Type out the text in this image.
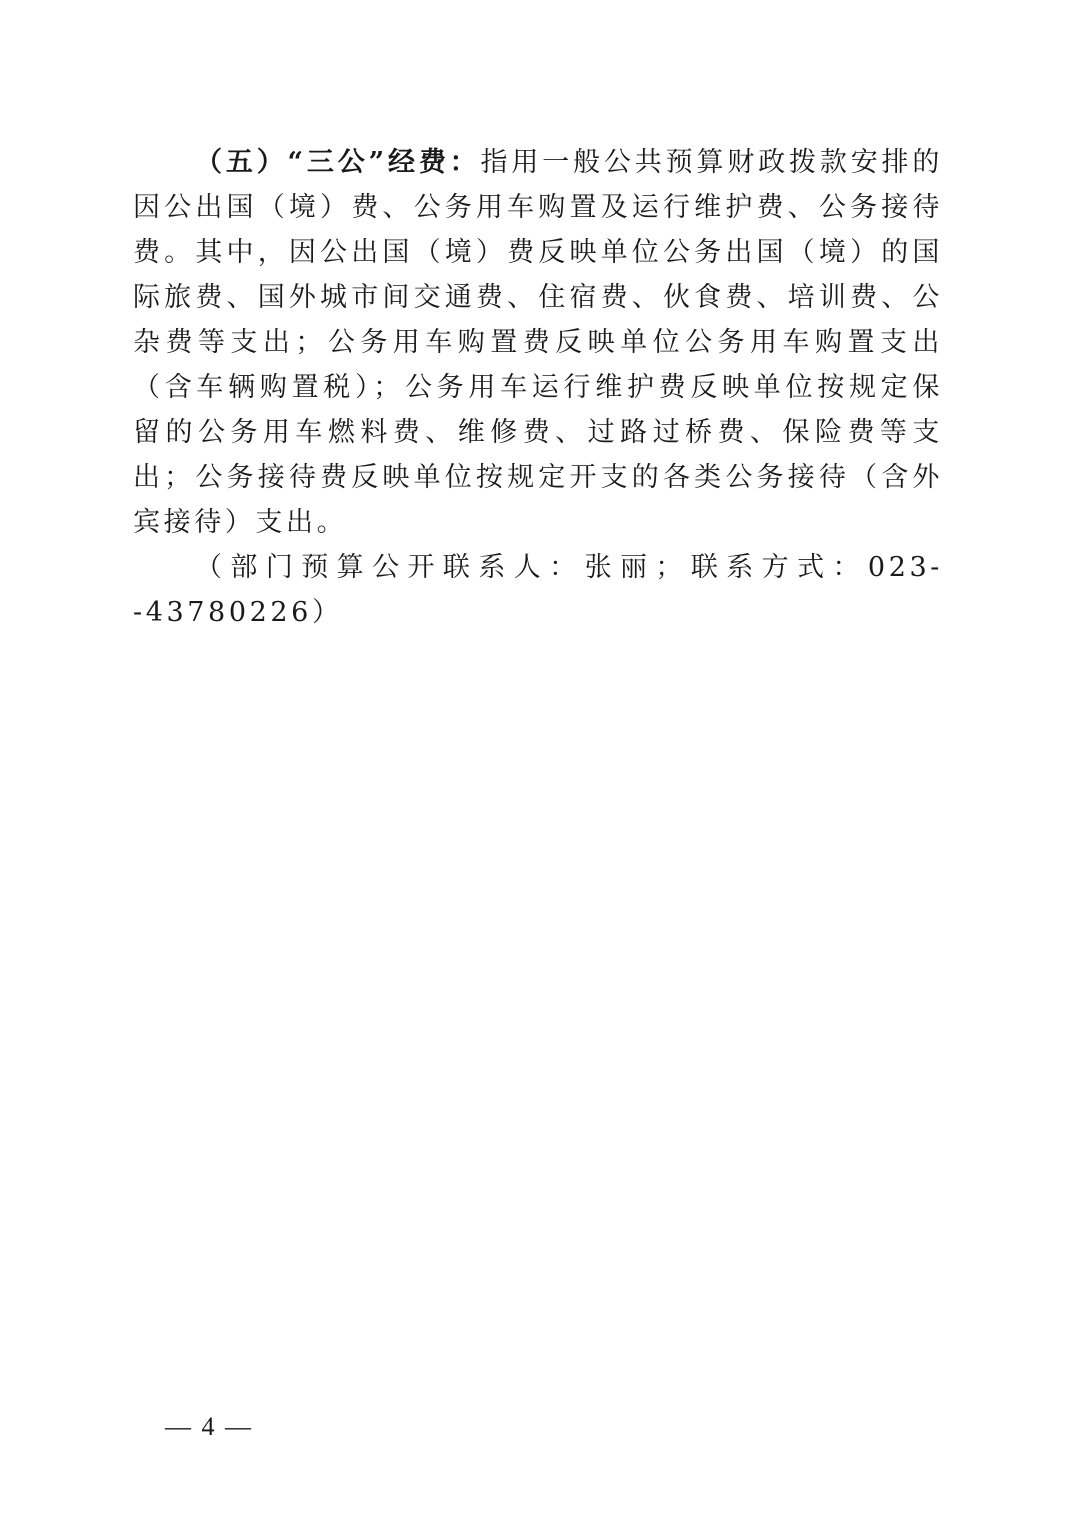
（五）“三公”经费：指用一般公共预算财政拨款安排的因公出国（境）费、公务用车购置及运行维护费、公务接待费。其中，因公出国（境）费反映单位公务出国（境）的国际旅费、国外城市间交通费、住宿费、伙食费、培训费、公杂费等支出；公务用车购置费反映单位公务用车购置支出（含车辆购置税）；公务用车运行维护费反映单位按规定保留的公务用车燃料费、维修费、过路过桥费、保险费等支出；公务接待费反映单位按规定开支的各类公务接待（含外宾接待）支出。

（部门预算公开联系人：张丽；联系方式：023--43780226）

— 4 —
